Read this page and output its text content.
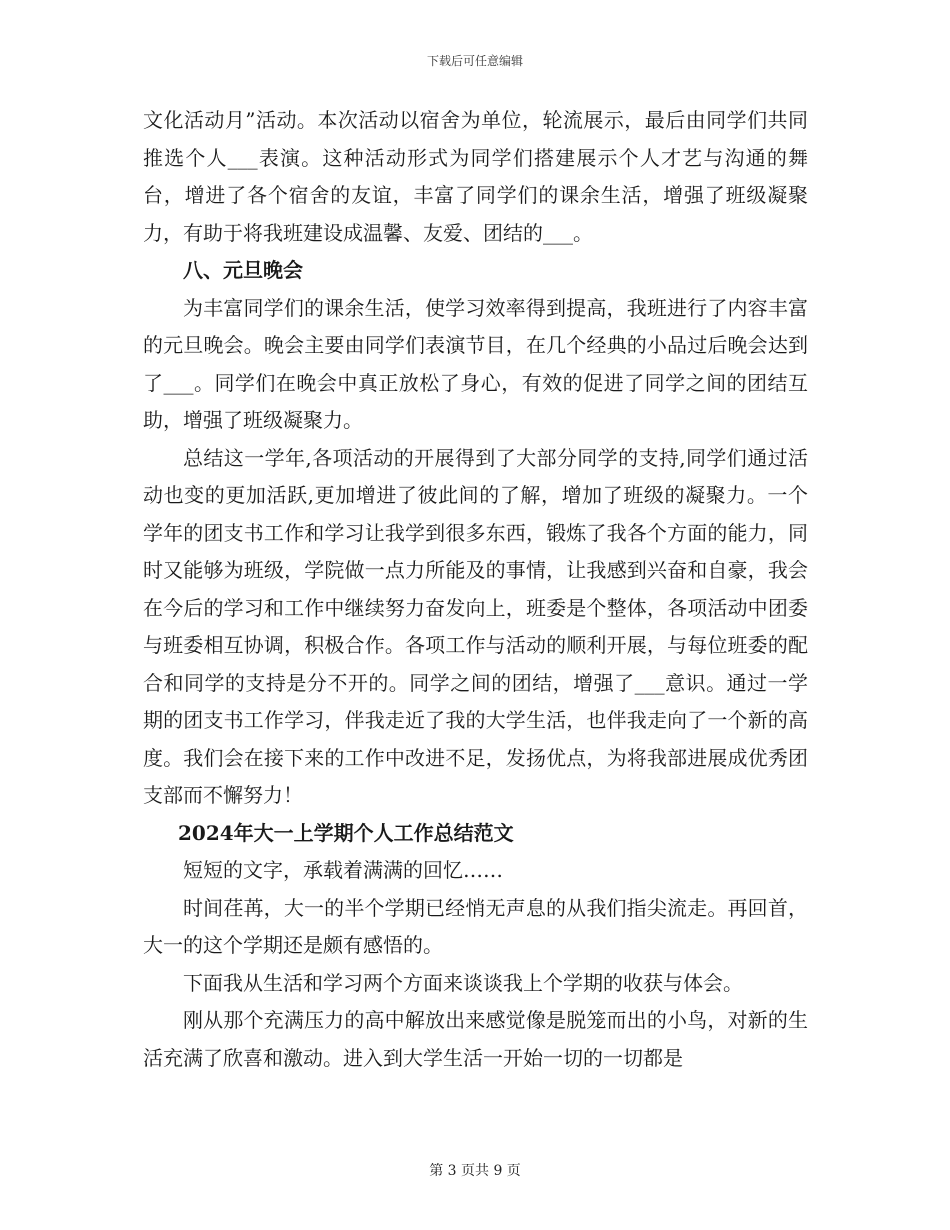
下载后可任意编辑

文化活动月”活动。本次活动以宿舍为单位，轮流展示，最后由同学们共同推选个人___表演。这种活动形式为同学们搭建展示个人才艺与沟通的舞台，增进了各个宿舍的友谊，丰富了同学们的课余生活，增强了班级凝聚力，有助于将我班建设成温馨、友爱、团结的___。

八、元旦晚会

为丰富同学们的课余生活，使学习效率得到提高，我班进行了内容丰富的元旦晚会。晚会主要由同学们表演节目，在几个经典的小品过后晚会达到了___。同学们在晚会中真正放松了身心，有效的促进了同学之间的团结互助，增强了班级凝聚力。

总结这一学年,各项活动的开展得到了大部分同学的支持,同学们通过活动也变的更加活跃,更加增进了彼此间的了解，增加了班级的凝聚力。一个学年的团支书工作和学习让我学到很多东西，锻炼了我各个方面的能力，同时又能够为班级，学院做一点力所能及的事情，让我感到兴奋和自豪，我会在今后的学习和工作中继续努力奋发向上，班委是个整体，各项活动中团委与班委相互协调，积极合作。各项工作与活动的顺利开展，与每位班委的配合和同学的支持是分不开的。同学之间的团结，增强了___意识。通过一学期的团支书工作学习，伴我走近了我的大学生活，也伴我走向了一个新的高度。我们会在接下来的工作中改进不足，发扬优点，为将我部进展成优秀团支部而不懈努力！

2024年大一上学期个人工作总结范文

短短的文字，承载着满满的回忆……

时间荏苒，大一的半个学期已经悄无声息的从我们指尖流走。再回首，大一的这个学期还是颇有感悟的。

下面我从生活和学习两个方面来谈谈我上个学期的收获与体会。

刚从那个充满压力的高中解放出来感觉像是脱笼而出的小鸟，对新的生活充满了欣喜和激动。进入到大学生活一开始一切的一切都是

第 3 页共 9 页
